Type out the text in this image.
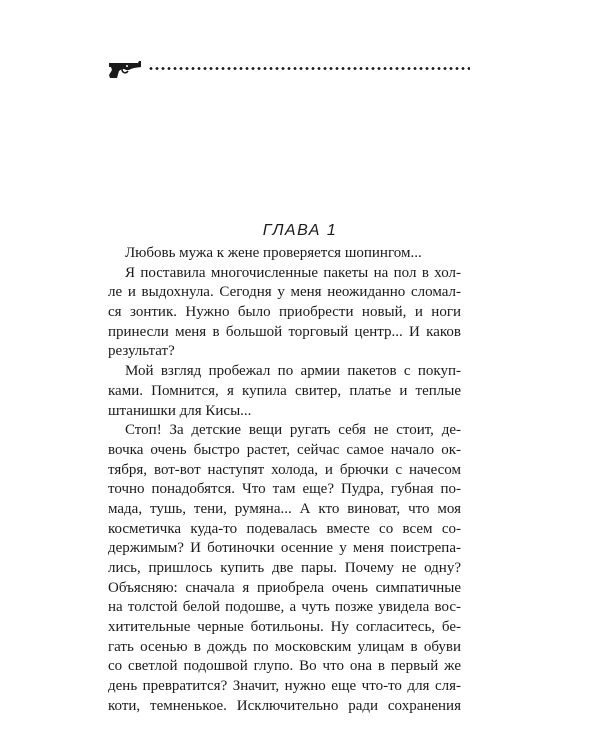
ГЛАВА 1
Любовь мужа к жене проверяется шопингом...
Я поставила многочисленные пакеты на пол в хол-
ле и выдохнула. Сегодня у меня неожиданно сломал-
ся зонтик. Нужно было приобрести новый, и ноги
принесли меня в большой торговый центр... И каков
результат?
Мой взгляд пробежал по армии пакетов с покуп-
ками. Помнится, я купила свитер, платье и теплые
штанишки для Кисы...
Стоп! За детские вещи ругать себя не стоит, де-
вочка очень быстро растет, сейчас самое начало ок-
тября, вот-вот наступят холода, и брючки с начесом
точно понадобятся. Что там еще? Пудра, губная по-
мада, тушь, тени, румяна... А кто виноват, что моя
косметичка куда-то подевалась вместе со всем со-
держимым? И ботиночки осенние у меня поистрепа-
лись, пришлось купить две пары. Почему не одну?
Объясняю: сначала я приобрела очень симпатичные
на толстой белой подошве, а чуть позже увидела вос-
хитительные черные ботильоны. Ну согласитесь, бе-
гать осенью в дождь по московским улицам в обуви
со светлой подошвой глупо. Во что она в первый же
день превратится? Значит, нужно еще что-то для сля-
коти, темненькое. Исключительно ради сохранения
